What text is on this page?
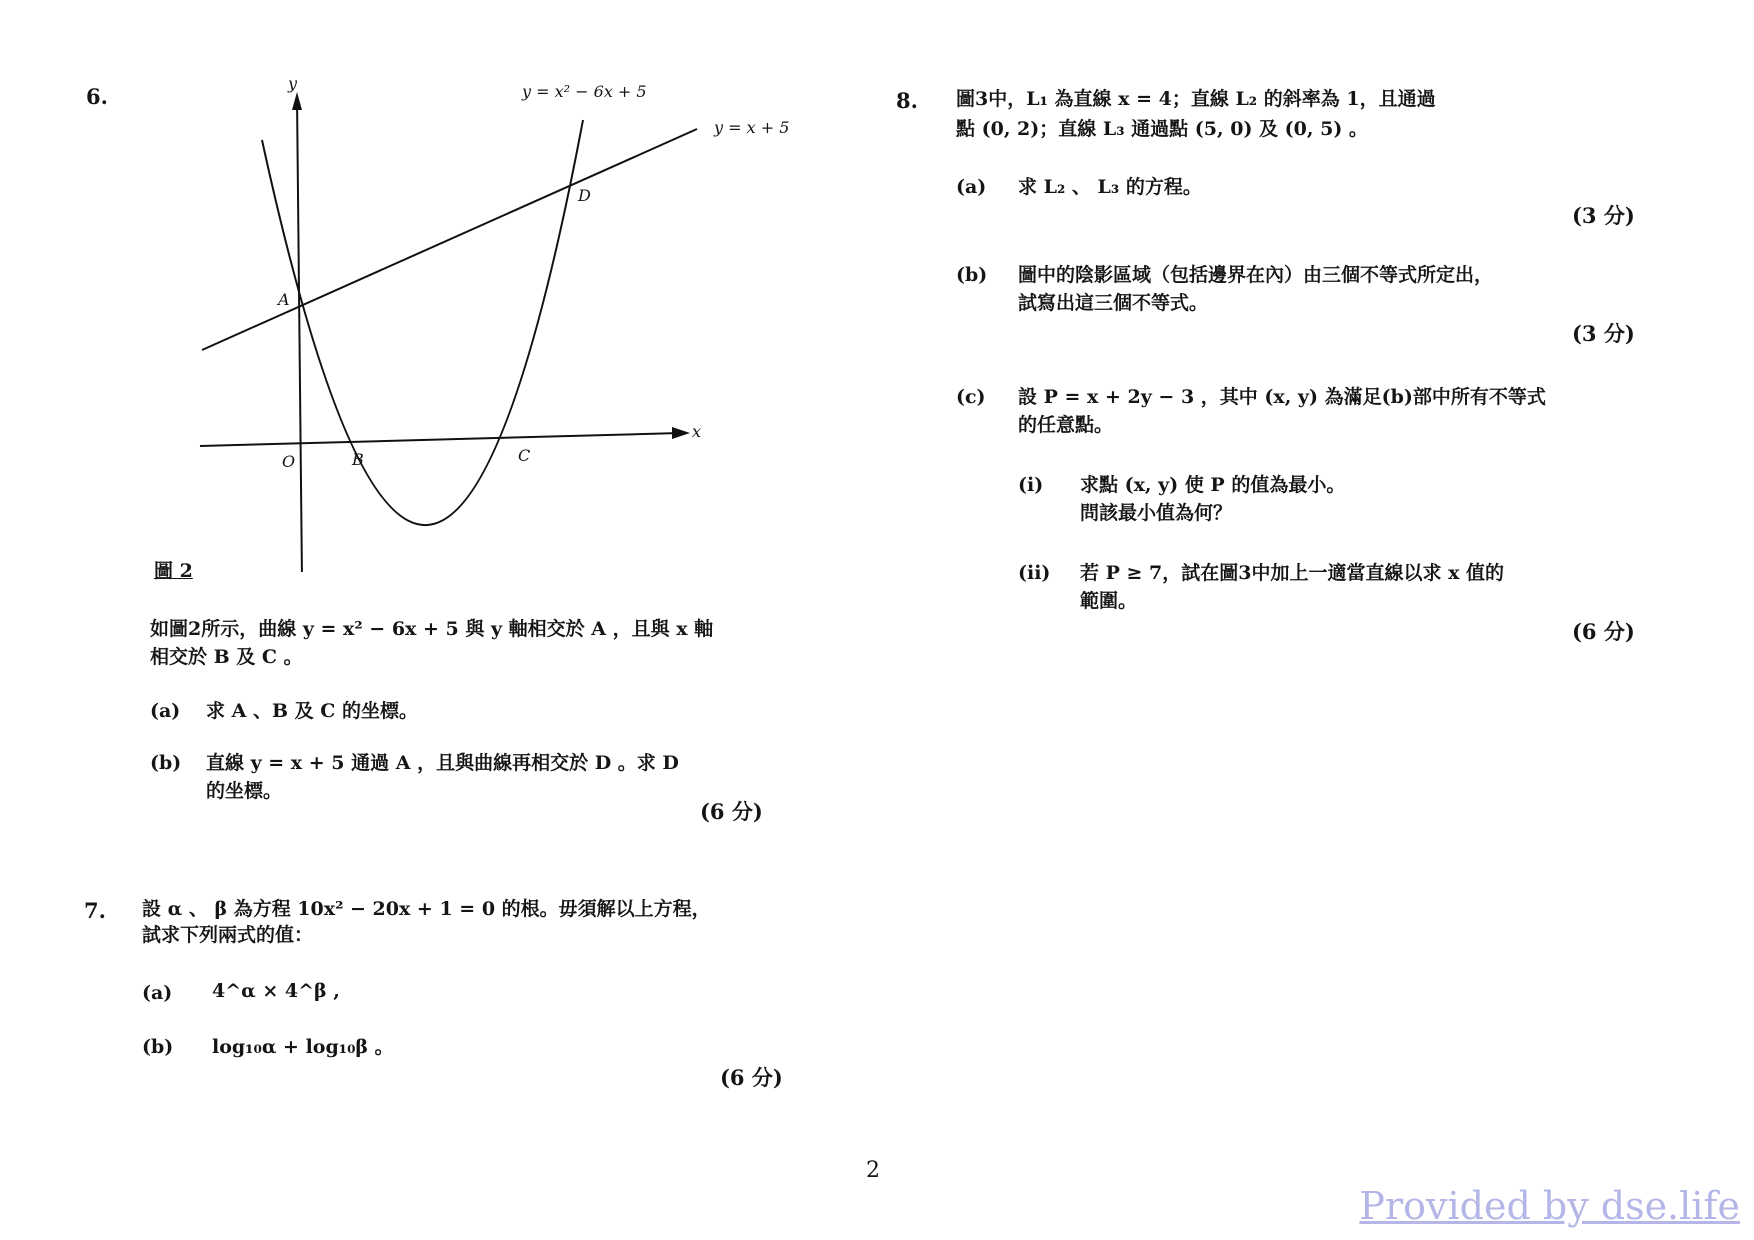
6.
y
x
y = x² − 6x + 5
y = x + 5
A
B	C
D
O
圖 2
如圖2所示，曲線 y = x² − 6x + 5 與 y 軸相交於 A ，且與 x 軸
相交於 B 及 C 。
(a) 求 A 、B 及 C 的坐標。
(b) 直線 y = x + 5 通過 A ，且與曲線再相交於 D 。求 D
的坐標。
(6 分)
7. 設 α 、 β 為方程 10x² − 20x + 1 = 0 的根。毋須解以上方程，
試求下列兩式的值：
(a) 4^α × 4^β ,
(b) log₁₀α + log₁₀β 。
(6 分)
8. 圖3中，L₁ 為直線 x = 4；直線 L₂ 的斜率為 1，且通過
點 (0, 2)；直線 L₃ 通過點 (5, 0) 及 (0, 5) 。
(a) 求 L₂ 、 L₃ 的方程。
(3 分)
(b) 圖中的陰影區域（包括邊界在內）由三個不等式所定出，
試寫出這三個不等式。
(3 分)
(c) 設 P = x + 2y − 3 ，其中 (x, y) 為滿足(b)部中所有不等式
的任意點。
(i) 求點 (x, y) 使 P 的值為最小。
問該最小值為何？
(ii) 若 P ≥ 7，試在圖3中加上一適當直線以求 x 值的
範圍。
(6 分)
2
Provided by dse.life
